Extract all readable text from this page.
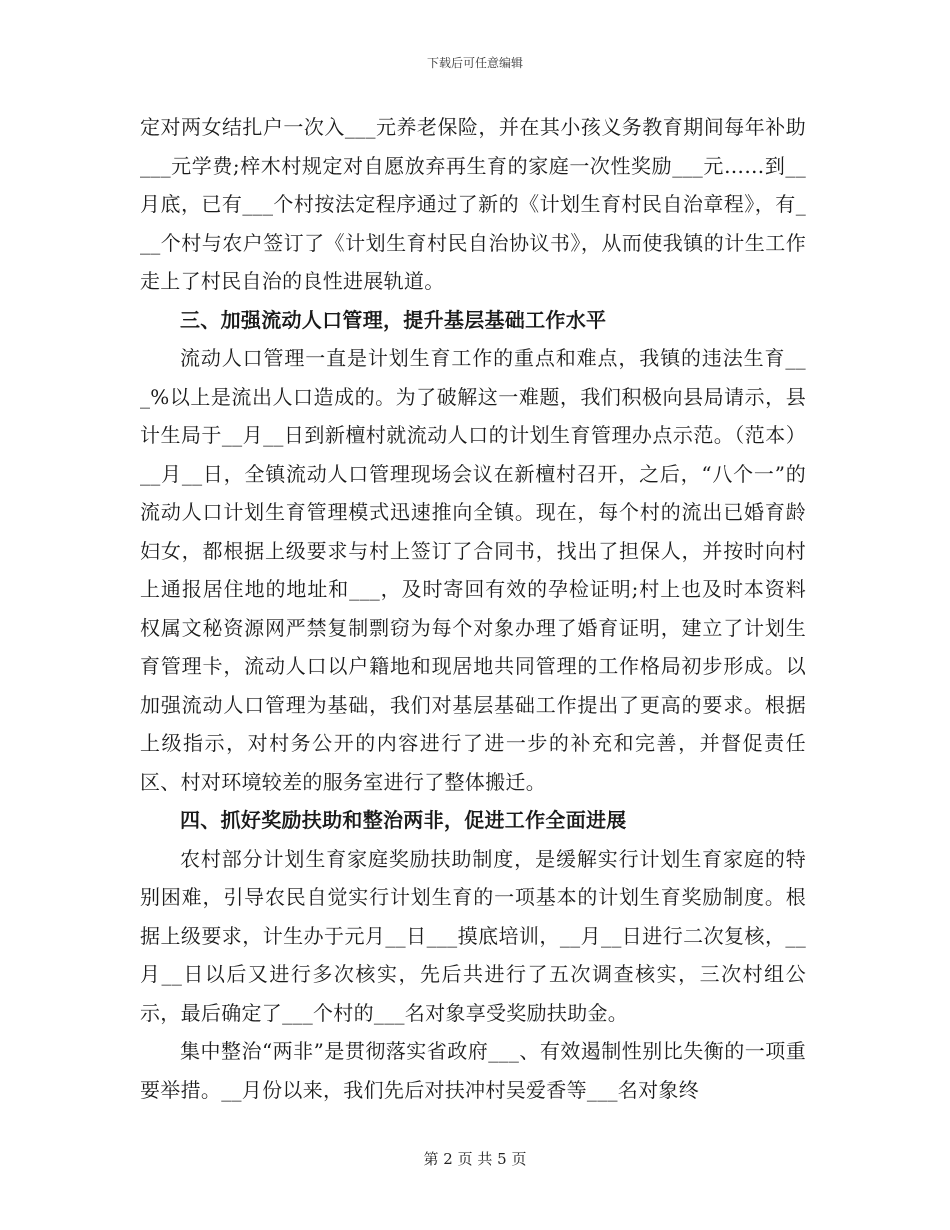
下载后可任意编辑

定对两女结扎户一次入___元养老保险，并在其小孩义务教育期间每年补助___元学费;梓木村规定对自愿放弃再生育的家庭一次性奖励___元……到__月底，已有___个村按法定程序通过了新的《计划生育村民自治章程》，有___个村与农户签订了《计划生育村民自治协议书》，从而使我镇的计生工作走上了村民自治的良性进展轨道。

三、加强流动人口管理，提升基层基础工作水平

流动人口管理一直是计划生育工作的重点和难点，我镇的违法生育___%以上是流出人口造成的。为了破解这一难题，我们积极向县局请示，县计生局于__月__日到新檀村就流动人口的计划生育管理办点示范。（范本）__月__日，全镇流动人口管理现场会议在新檀村召开，之后，“八个一”的流动人口计划生育管理模式迅速推向全镇。现在，每个村的流出已婚育龄妇女，都根据上级要求与村上签订了合同书，找出了担保人，并按时向村上通报居住地的地址和___，及时寄回有效的孕检证明;村上也及时本资料权属文秘资源网严禁复制剽窃为每个对象办理了婚育证明，建立了计划生育管理卡，流动人口以户籍地和现居地共同管理的工作格局初步形成。以加强流动人口管理为基础，我们对基层基础工作提出了更高的要求。根据上级指示，对村务公开的内容进行了进一步的补充和完善，并督促责任区、村对环境较差的服务室进行了整体搬迁。

四、抓好奖励扶助和整治两非，促进工作全面进展

农村部分计划生育家庭奖励扶助制度，是缓解实行计划生育家庭的特别困难，引导农民自觉实行计划生育的一项基本的计划生育奖励制度。根据上级要求，计生办于元月__日___摸底培训，__月__日进行二次复核，__月__日以后又进行多次核实，先后共进行了五次调查核实，三次村组公示，最后确定了___个村的___名对象享受奖励扶助金。

集中整治“两非”是贯彻落实省政府___、有效遏制性别比失衡的一项重要举措。__月份以来，我们先后对扶冲村吴爱香等___名对象终

第 2 页 共 5 页
